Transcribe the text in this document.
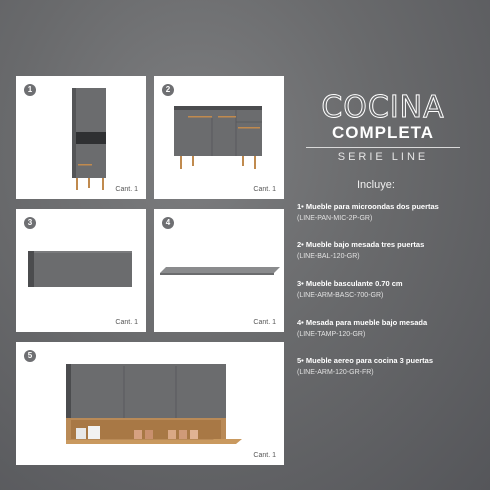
1
Cant. 1
2
Cant. 1
3
Cant. 1
4
Cant. 1
5
Cant. 1
COCINA
COMPLETA
SERIE LINE
Incluye:
1• Mueble para microondas dos puertas
(LINE-PAN-MIC-2P-GR)
2• Mueble bajo mesada tres puertas
(LINE-BAL-120-GR)
3• Mueble basculante 0.70 cm
(LINE-ARM-BASC-700-GR)
4• Mesada para mueble bajo mesada
(LINE-TAMP-120-GR)
5• Mueble aereo para cocina 3 puertas
(LINE-ARM-120-GR-FR)
